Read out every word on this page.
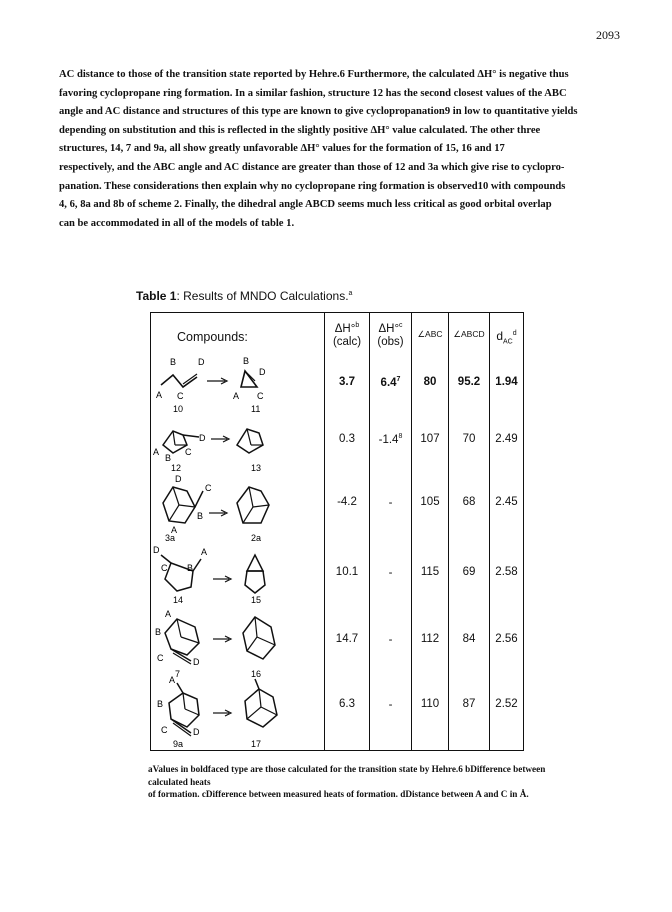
2093

AC distance to those of the transition state reported by Hehre.6 Furthermore, the calculated ΔH° is negative thus

favoring cyclopropane ring formation. In a similar fashion, structure 12 has the second closest values of the ABC

angle and AC distance and structures of this type are known to give cyclopropanation9 in low to quantitative yields

depending on substitution and this is reflected in the slightly positive ΔH° value calculated. The other three

structures, 14, 7 and 9a, all show greatly unfavorable ΔH° values for the formation of 15, 16 and 17

respectively, and the ABC angle and AC distance are greater than those of 12 and 3a which give rise to cyclopro-

panation. These considerations then explain why no cyclopropane ring formation is observed10 with compounds

4, 6, 8a and 8b of scheme 2. Finally, the dihedral angle ABCD seems much less critical as good orbital overlap

can be accommodated in all of the models of table 1.

Table 1: Results of MNDO Calculations.$^a$
Compounds:
ΔH°$^b$
(calc)
ΔH°$^c$
(obs)
∠ABC	∠ABCD $d_{AC}^d$
A C
B D	B
D
A C
10	11
3.7	$6.4^7$	80	95.2	1.94
D
A
B
C
12	13
0.3	$-1.4^8$	107	70	2.49
D
C
B
A
3a	2a
-4.2	-	105	68	2.45
D	A
C B
14	15
10.1	-	115	69	2.58
A
B
C	D
7	16
14.7	-	112	84	2.56
A
B
C	D
9a	17
6.3	-	110	87	2.52
aValues in boldfaced type are those calculated for the transition state by Hehre.6 bDifference between calculated heats
of formation. cDifference between measured heats of formation. dDistance between A and C in Å.
